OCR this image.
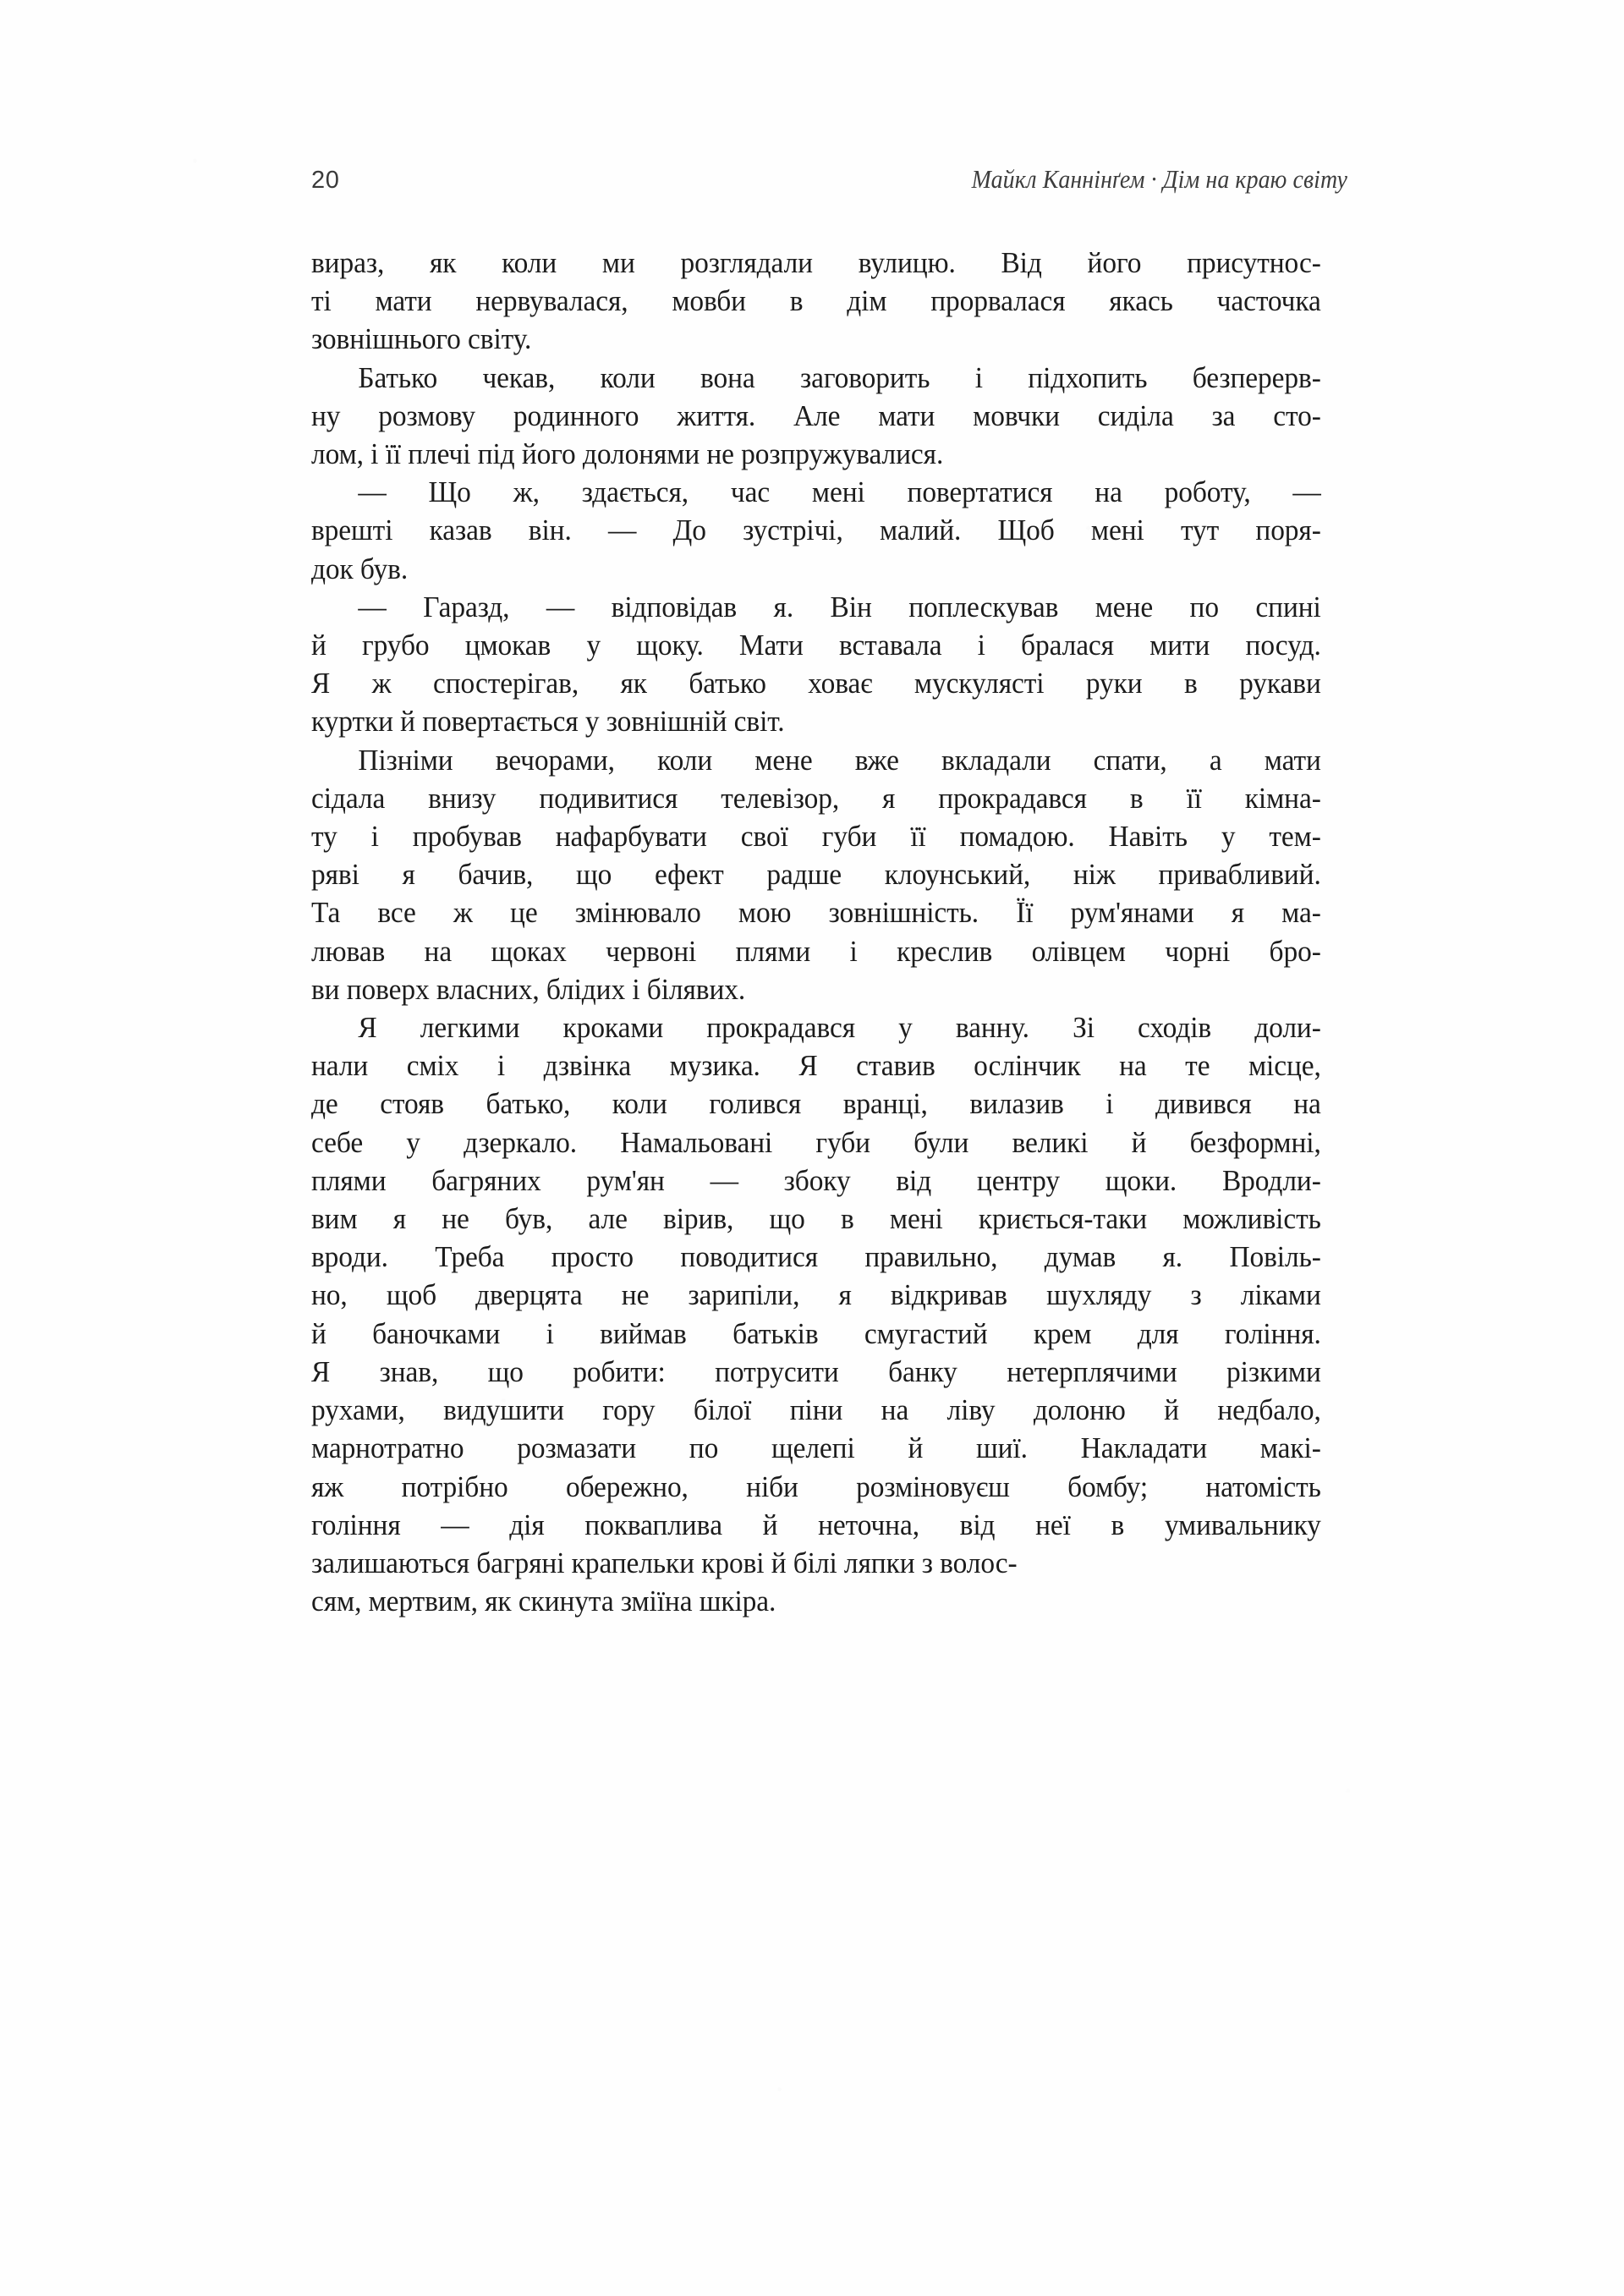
20	Майкл Каннінґем · Дім на краю світу
вираз, як коли ми розглядали вулицю. Від його присутнос-
ті мати нервувалася, мовби в дім прорвалася якась часточка
зовнішнього світу.
Батько чекав, коли вона заговорить і підхопить безперерв-
ну розмову родинного життя. Але мати мовчки сиділа за сто-
лом, і її плечі під його долонями не розпружувалися.
— Що ж, здається, час мені повертатися на роботу, —
врешті казав він. — До зустрічі, малий. Щоб мені тут поря-
док був.
— Гаразд, — відповідав я. Він поплескував мене по спині
й грубо цмокав у щоку. Мати вставала і бралася мити посуд.
Я ж спостерігав, як батько ховає мускулясті руки в рукави
куртки й повертається у зовнішній світ.
Пізніми вечорами, коли мене вже вкладали спати, а мати
сідала внизу подивитися телевізор, я прокрадався в її кімна-
ту і пробував нафарбувати свої губи її помадою. Навіть у тем-
ряві я бачив, що ефект радше клоунський, ніж привабливий.
Та все ж це змінювало мою зовнішність. Її рум'янами я ма-
лював на щоках червоні плями і креслив олівцем чорні бро-
ви поверх власних, блідих і білявих.
Я легкими кроками прокрадався у ванну. Зі сходів доли-
нали сміх і дзвінка музика. Я ставив ослінчик на те місце,
де стояв батько, коли голився вранці, вилазив і дивився на
себе у дзеркало. Намальовані губи були великі й безформні,
плями багряних рум'ян — збоку від центру щоки. Вродли-
вим я не був, але вірив, що в мені криється-таки можливість
вроди. Треба просто поводитися правильно, думав я. Повіль-
но, щоб дверцята не зарипіли, я відкривав шухляду з ліками
й баночками і виймав батьків смугастий крем для гоління.
Я знав, що робити: потрусити банку нетерплячими різкими
рухами, видушити гору білої піни на ліву долоню й недбало,
марнотратно розмазати по щелепі й шиї. Накладати макі-
яж потрібно обережно, ніби розміновуєш бомбу; натомість
гоління — дія поквапливa й неточна, від неї в умивальнику
залишаються багряні крапельки крові й білі ляпки з волос-
сям, мертвим, як скинута зміїна шкіра.
